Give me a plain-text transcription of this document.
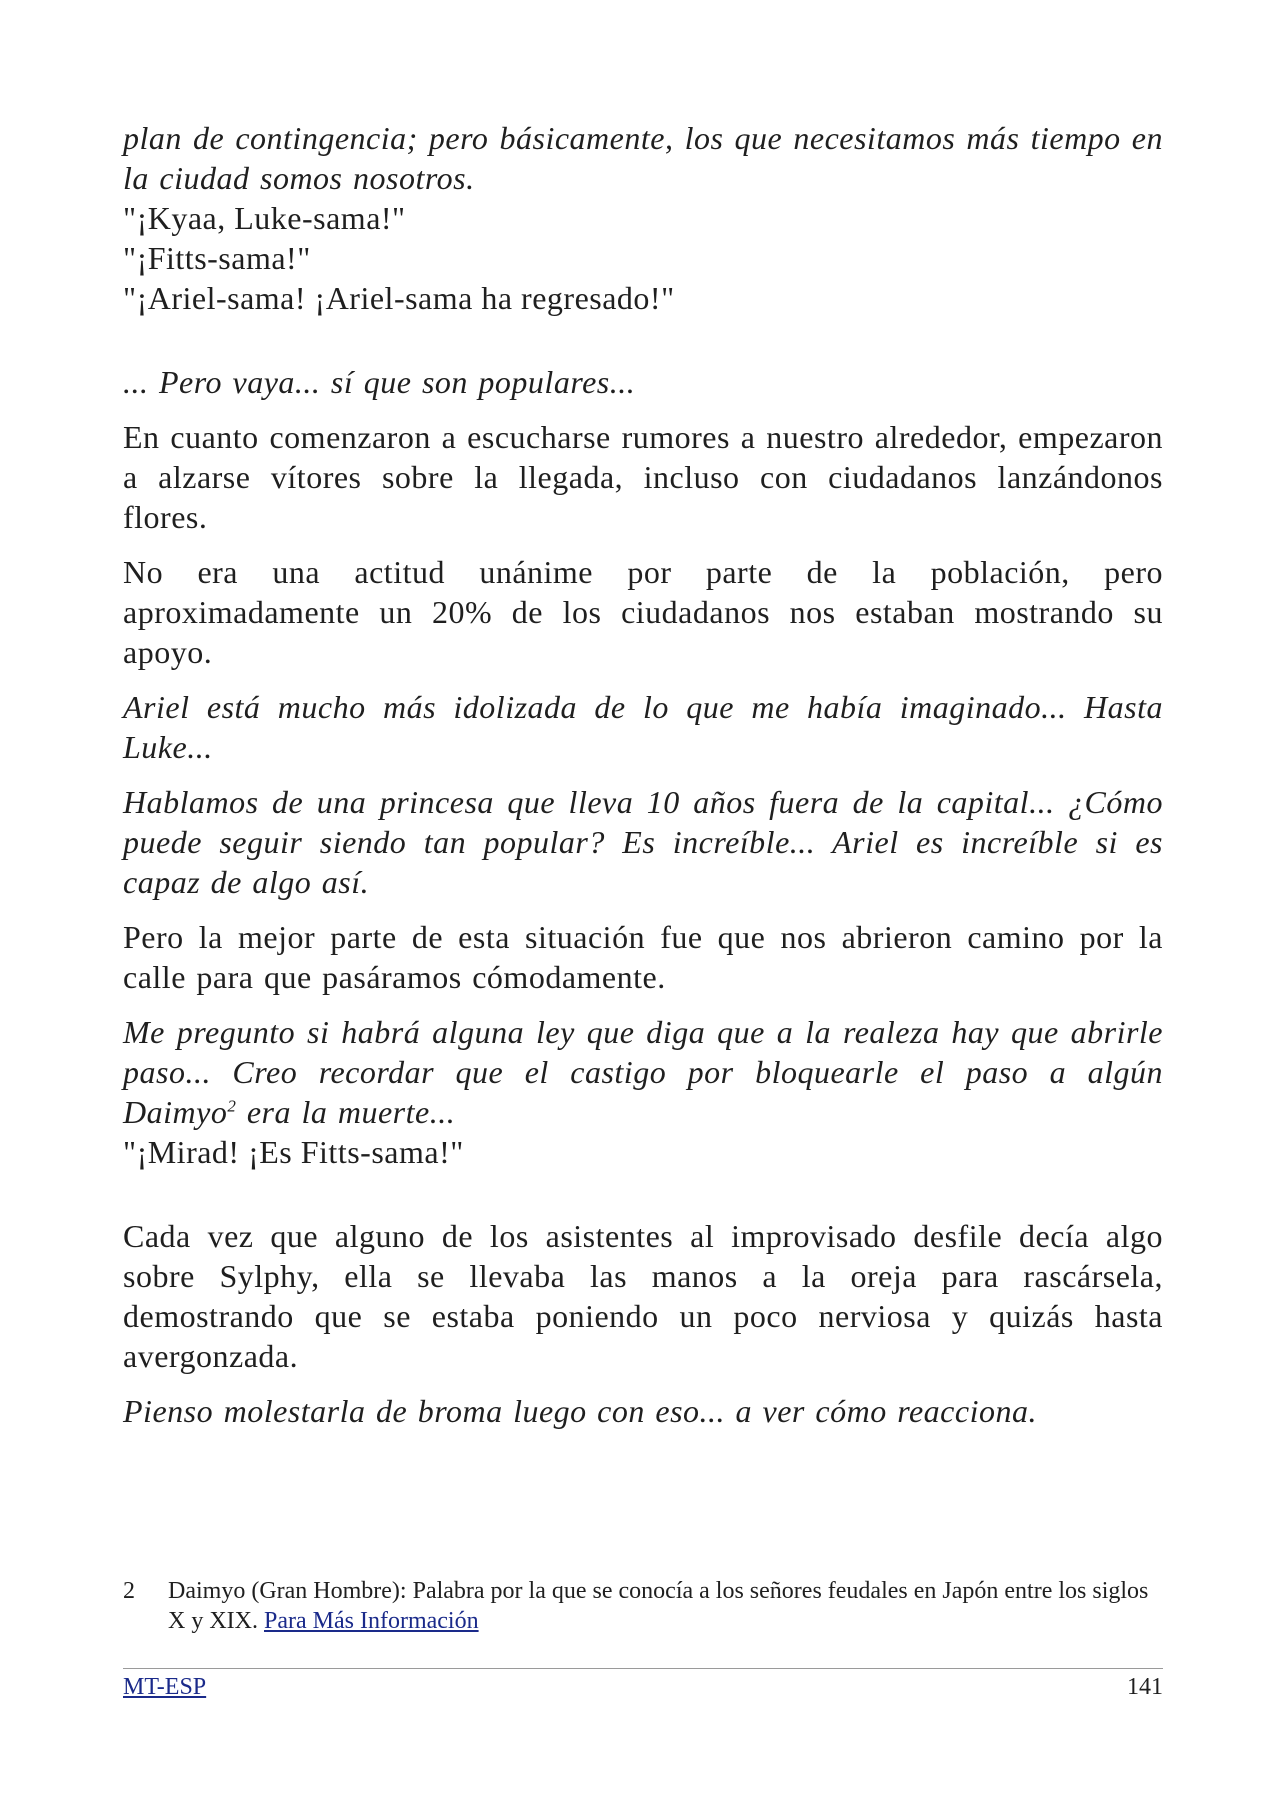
plan de contingencia; pero básicamente, los que necesitamos más tiempo en la ciudad somos nosotros.

"¡Kyaa, Luke-sama!"

"¡Fitts-sama!"

"¡Ariel-sama! ¡Ariel-sama ha regresado!"

... Pero vaya... sí que son populares...

En cuanto comenzaron a escucharse rumores a nuestro alrededor, empezaron a alzarse vítores sobre la llegada, incluso con ciudadanos lanzándonos flores.

No era una actitud unánime por parte de la población, pero aproximadamente un 20% de los ciudadanos nos estaban mostrando su apoyo.

Ariel está mucho más idolizada de lo que me había imaginado... Hasta Luke...

Hablamos de una princesa que lleva 10 años fuera de la capital... ¿Cómo puede seguir siendo tan popular? Es increíble... Ariel es increíble si es capaz de algo así.

Pero la mejor parte de esta situación fue que nos abrieron camino por la calle para que pasáramos cómodamente.

Me pregunto si habrá alguna ley que diga que a la realeza hay que abrirle paso... Creo recordar que el castigo por bloquearle el paso a algún Daimyo$^2$ era la muerte...

"¡Mirad! ¡Es Fitts-sama!"

Cada vez que alguno de los asistentes al improvisado desfile decía algo sobre Sylphy, ella se llevaba las manos a la oreja para rascársela, demostrando que se estaba poniendo un poco nerviosa y quizás hasta avergonzada.

Pienso molestarla de broma luego con eso... a ver cómo reacciona.

2	Daimyo (Gran Hombre): Palabra por la que se conocía a los señores feudales en Japón entre los siglos X y XIX. Para Más Información
MT-ESP	141
